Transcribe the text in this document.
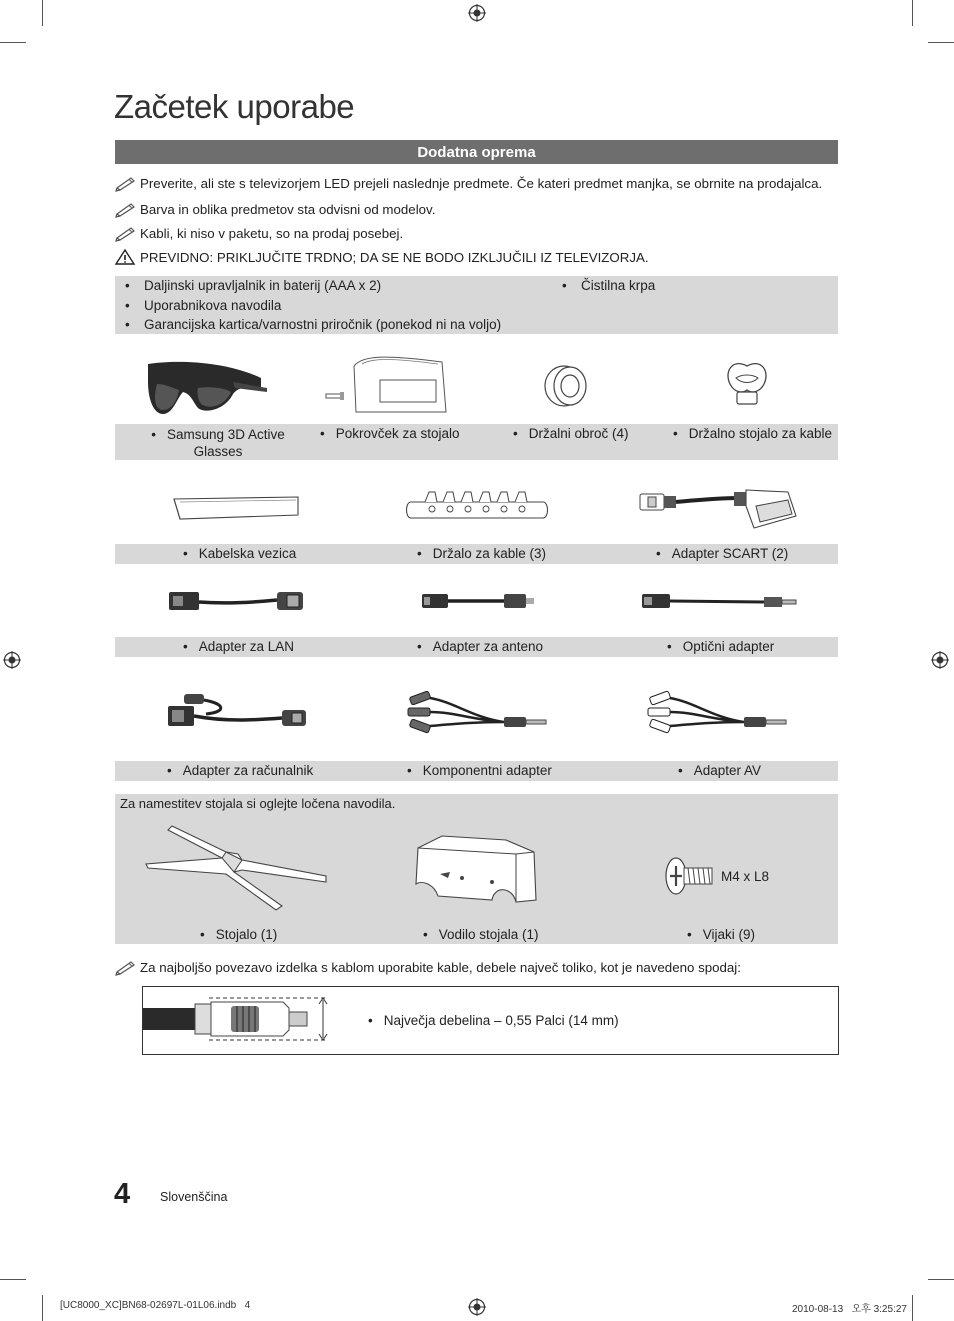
Začetek uporabe
Dodatna oprema
Preverite, ali ste s televizorjem LED prejeli naslednje predmete. Če kateri predmet manjka, se obrnite na prodajalca.
Barva in oblika predmetov sta odvisni od modelov.
Kabli, ki niso v paketu, so na prodaj posebej.
PREVIDNO: PRIKLJUČITE TRDNO; DA SE NE BODO IZKLJUČILI IZ TELEVIZORJA.
•	Daljinski upravljalnik in baterij (AAA x 2)
•	Uporabnikova navodila
•	Garancijska kartica/varnostni priročnik (ponekod ni na voljo)
•	Čistilna krpa
• Samsung 3D Active Glasses
• Pokrovček za stojalo	• Držalni obroč (4)	• Držalno stojalo za kable
• Kabelska vezica	• Držalo za kable (3)	• Adapter SCART (2)
• Adapter za LAN	• Adapter za anteno	• Optični adapter
• Adapter za računalnik	• Komponentni adapter	• Adapter AV
Za namestitev stojala si oglejte ločena navodila.
M4 x L8
• Stojalo (1)	• Vodilo stojala (1)	• Vijaki (9)
Za najboljšo povezavo izdelka s kablom uporabite kable, debele največ toliko, kot je navedeno spodaj:
• Največja debelina – 0,55 Palci (14 mm)
4 Slovenščina
[UC8000_XC]BN68-02697L-01L06.indb   4	2010-08-13   오후 3:25:27
